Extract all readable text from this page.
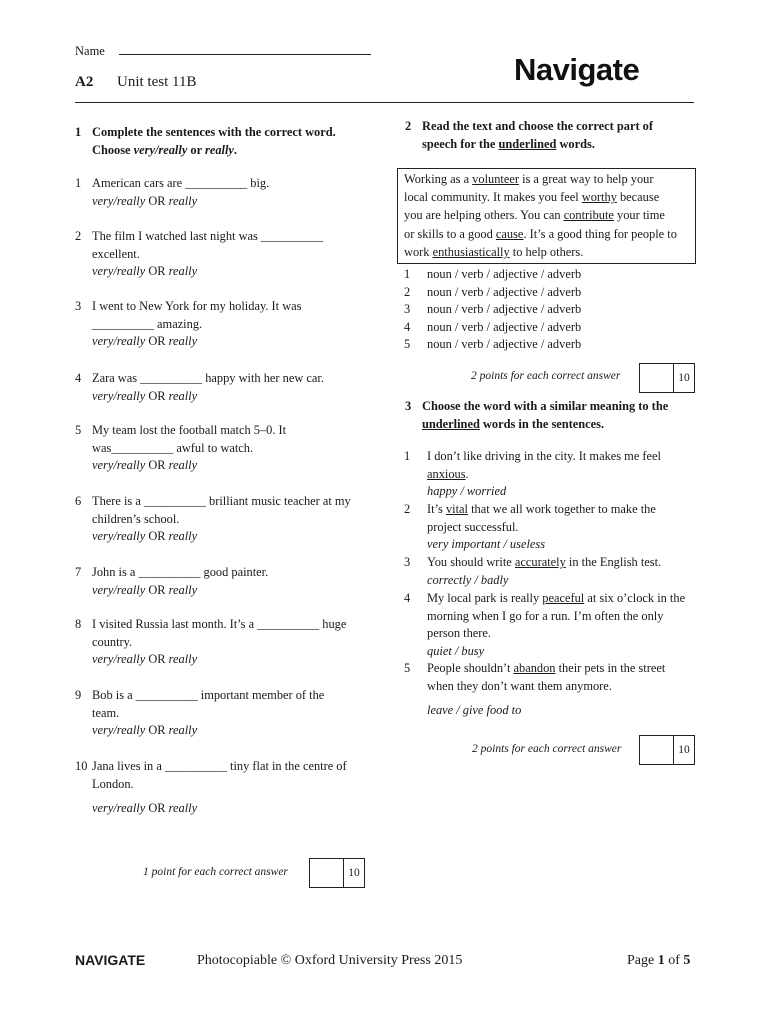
Name
A2 Unit test 11B	Navigate
1 Complete the sentences with the correct word.
Choose very/really or really.
1 American cars are __________ big.
very/really OR really
2 The film I watched last night was __________
excellent.
very/really OR really
3 I went to New York for my holiday. It was
__________ amazing.
very/really OR really
4 Zara was __________ happy with her new car.
very/really OR really
5 My team lost the football match 5–0. It
was__________ awful to watch.
very/really OR really
6 There is a __________ brilliant music teacher at my
children’s school.
very/really OR really
7 John is a __________ good painter.
very/really OR really
8 I visited Russia last month. It’s a __________ huge
country.
very/really OR really
9 Bob is a __________ important member of the
team.
very/really OR really
10 Jana lives in a __________ tiny flat in the centre of
London.
very/really OR really
1 point for each correct answer	10
2 Read the text and choose the correct part of
speech for the underlined words.
Working as a volunteer is a great way to help your
local community. It makes you feel worthy because
you are helping others. You can contribute your time
or skills to a good cause. It’s a good thing for people to
work enthusiastically to help others.
1 noun / verb / adjective / adverb
2 noun / verb / adjective / adverb
3 noun / verb / adjective / adverb
4 noun / verb / adjective / adverb
5 noun / verb / adjective / adverb
2 points for each correct answer	10
3 Choose the word with a similar meaning to the
underlined words in the sentences.
1 I don’t like driving in the city. It makes me feel
anxious.
happy / worried
2 It’s vital that we all work together to make the
project successful.
very important / useless
3 You should write accurately in the English test.
correctly / badly
4 My local park is really peaceful at six o’clock in the
morning when I go for a run. I’m often the only
person there.
quiet / busy
5 People shouldn’t abandon their pets in the street
when they don’t want them anymore.
leave / give food to
2 points for each correct answer	10
NAVIGATE	Photocopiable © Oxford University Press 2015	Page 1 of 5
